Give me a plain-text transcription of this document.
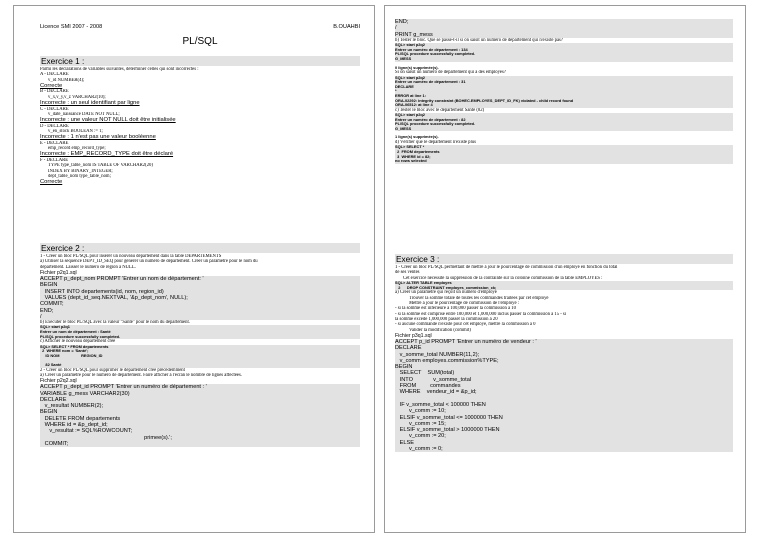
Licence SMI 2007 - 2008	B.OUAHBI
PL/SQL
Exercice 1 :
Parmi les déclarations de variables suivantes, déterminer celles qui sont incorrectes :
A - DECLARE
v_id NUMBER(4);
Correcte
B - DECLARE
v_x,v_y,v_z VARCHAR2(10);
Incorrecte : un seul identifiant par ligne
C - DECLARE
v_date_naissance DATE NOT NULL;
Incorrecte : une valeur NOT NULL doit être initialisée
D - DECLARE
v_en_stock BOOLEAN := 1;
Incorrecte : 1 n'est pas une valeur booléenne
E - DECLARE
emp_record emp_record_type;
Incorrecte : EMP_RECORD_TYPE doit être déclaré
F - DECLARE
TYPE type_table_nom IS TABLE OF VARCHAR2(20)
INDEX BY BINARY_INTEGER;
dept_table_nom type_table_nom;
Correcte
Exercice 2 :
1 - Créer un bloc PL/SQL pour insérer un nouveau département dans la table DEPARTEMENTS
a) Utiliser la séquence DEPT_ID_SEQ pour générer un numéro de département. Créer un paramètre pour le nom du
département. Laisser le numéro de région à NULL.
Fichier p2q1.sql
ACCEPT p_dept_nom PROMPT 'Entrer un nom de département: '
BEGIN
INSERT INTO departements(id, nom, region_id)
VALUES (dept_id_seq.NEXTVAL, '&p_dept_nom', NULL);
COMMIT;
END;
/
b) Exécuter le bloc PL/SQL avec la valeur "Santé" pour le nom du département.
SQL> start p2q1
Entrer un nom de département : Santé
PL/SQL procedure successfully completed.
c) Afficher le nouveau département créé
SQL> SELECT * FROM departements
2  WHERE nom = 'Santé';
ID NOM                    REGION_ID

82 Santé
2 - Créer un bloc PL/SQL pour supprimer le département créé précédemment
a) Créer un paramètre pour le numéro de département. Faire afficher à l'écran le nombre de lignes affectées.
Fichier p2q2.sql
ACCEPT p_dept_id PROMPT 'Entrer un numéro de département : '
VARIABLE g_mess VARCHAR2(30)
DECLARE
v_resultat NUMBER(2);
BEGIN
DELETE FROM departements
WHERE id = &p_dept_id;
v_resultat := SQL%ROWCOUNT;
primee(s).';
COMMIT;
END;
/
PRINT g_mess
b) Tester le bloc. Que se passe-t-il si on saisit un numéro de département qui n'existe pas?
SQL> start p2q2
Entrer un numéro de département : 134
PL/SQL procedure successfully completed.
G_MESS
0 ligne(s) supprimée(s).
Si on saisit un numéro de département qui a des employés?
SQL> start p2q2
Entrer un numéro de département : 31
DECLARE
*
ERROR at line 1:
ORA-02292: integrity constraint (BOHEC.EMPLOYES_DEPT_ID_FK) violated - child record found
ORA-06512: at line 4
c) Tester le bloc avec le département Santé (82)
SQL> start p2q2
Entrer un numéro de département : 82
PL/SQL procedure successfully completed.
G_MESS
1 ligne(s) supprimée(s).
d) Vérifier que le département n'existe plus
SQL> SELECT *
2  FROM departements
3  WHERE id = 82;
no rows selected
Exercice 3 :
1 - Créer un bloc PL/SQL permettant de mettre à jour le pourcentage de commission d'un employé en fonction du total
de ses ventes
Cet exercice nécessite la suppression de la contrainte sur la colonne commission de la table EMPLOYES :
SQL> ALTER TABLE employes
2      DROP CONSTRAINT employes_commission_ck;
a) Créer un paramètre qui reçoit un numéro d'employé
Trouver la somme totale de toutes les commandes traitées par cet employé
Mettre à jour le pourcentage de commission de l'employé :
- si la somme est inférieure à 100,000 passer la commission à 10
- si la somme est comprise entre 100,000 et 1,000,000 inclus passer la commission à 15 - si
la somme excède 1,000,000 passer la commission à 20
- si aucune commande n'existe pour cet employé, mettre la commission à 0
Valider la modification (commit)
Fichier p3q1.sql
ACCEPT p_id PROMPT 'Entrer un numéro de vendeur : '
DECLARE
v_somme_total NUMBER(11,2);
v_comm employes.commission%TYPE;
BEGIN
SELECT    SUM(total)
INTO             v_somme_total
FROM         commandes
WHERE    vendeur_id = &p_id;

IF v_somme_total < 100000 THEN
v_comm := 10;
ELSIF v_somme_total <= 1000000 THEN
v_comm := 15;
ELSIF v_somme_total > 1000000 THEN
v_comm := 20;
ELSE
v_comm := 0;
